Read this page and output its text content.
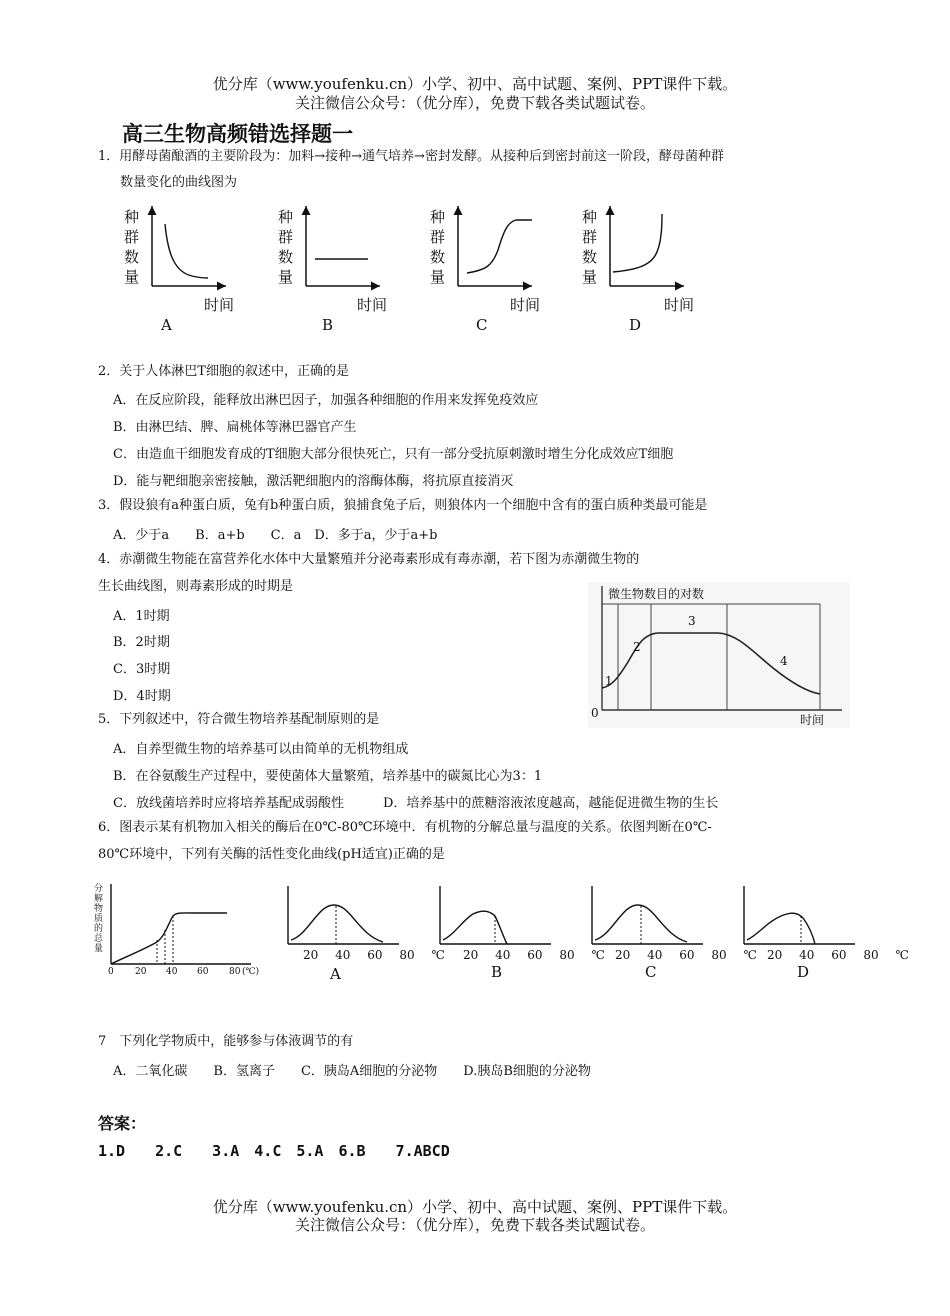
优分库（www.youfenku.cn）小学、初中、高中试题、案例、PPT课件下载。
关注微信公众号：（优分库），免费下载各类试题试卷。
高三生物高频错选择题一
1．用酵母菌酿酒的主要阶段为：加料→接种→通气培养→密封发酵。从接种后到密封前这一阶段，酵母菌种群
数量变化的曲线图为
种群数量
种群数量
种群数量
种群数量
时间	时间	时间	时间
A	B	C	D
2．关于人体淋巴T细胞的叙述中，正确的是
A．在反应阶段，能释放出淋巴因子，加强各种细胞的作用来发挥免疫效应
B．由淋巴结、脾、扁桃体等淋巴器官产生
C．由造血干细胞发育成的T细胞大部分很快死亡，只有一部分受抗原刺激时增生分化成效应T细胞
D．能与靶细胞亲密接触，激活靶细胞内的溶酶体酶，将抗原直接消灭
3．假设狼有a种蛋白质，兔有b种蛋白质，狼捕食兔子后，则狼体内一个细胞中含有的蛋白质种类最可能是
A．少于a　　B．a+b　　C．a　D．多于a，少于a+b
4．赤潮微生物能在富营养化水体中大量繁殖并分泌毒素形成有毒赤潮，若下图为赤潮微生物的
生长曲线图，则毒素形成的时期是
A．1时期
B．2时期
C．3时期
D．4时期
微生物数目的对数
时间
0
1
2
3
4
5．下列叙述中，符合微生物培养基配制原则的是
A．自养型微生物的培养基可以由简单的无机物组成
B．在谷氨酸生产过程中，要使菌体大量繁殖，培养基中的碳氮比心为3：1
C．放线菌培养时应将培养基配成弱酸性　　　D．培养基中的蔗糖溶液浓度越高，越能促进微生物的生长
6．图表示某有机物加入相关的酶后在0℃-80℃环境中．有机物的分解总量与温度的关系。依图判断在0℃-
80℃环境中，下列有关酶的活性变化曲线(pH适宜)正确的是
分解物质的总量
0 20 40 60 80 (℃)
20 40 60 80 ℃ 20 40 60 80 ℃ 20 40 60 80 ℃ 20 40 60 80 ℃
A	B	C	D
7　下列化学物质中，能够参与体液调节的有
A．二氧化碳　　B．氢离子　　C．胰岛A细胞的分泌物　　D.胰岛B细胞的分泌物
答案：
1.D　　2.C　　3.A　4.C　5.A　6.B　　7.ABCD
优分库（www.youfenku.cn）小学、初中、高中试题、案例、PPT课件下载。
关注微信公众号：（优分库），免费下载各类试题试卷。
